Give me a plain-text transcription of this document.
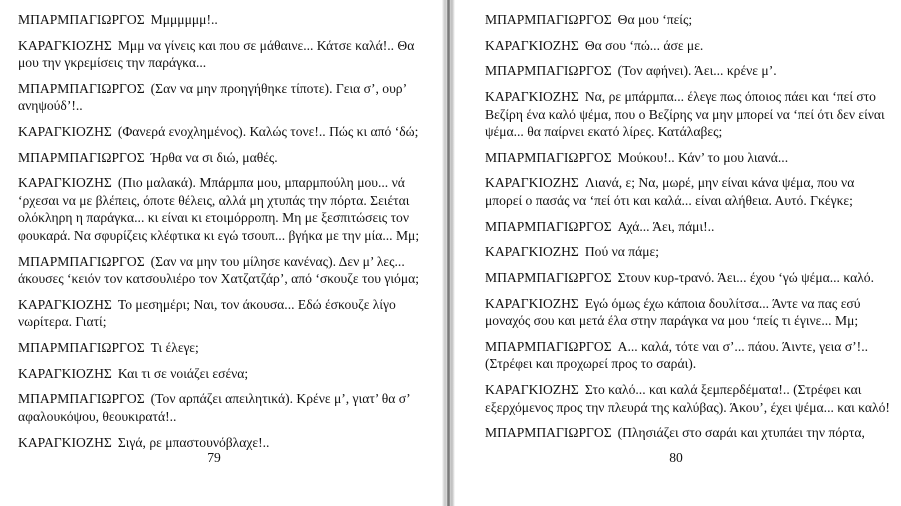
ΜΠΑΡΜΠΑΓΙΩΡΓΟΣ Μμμμμμμ!..

ΚΑΡΑΓΚΙΟΖΗΣ Μμμ να γίνεις και που σε μάθαινε... Κάτσε καλά!.. Θα μου την γκρεμίσεις την παράγκα...

ΜΠΑΡΜΠΑΓΙΩΡΓΟΣ (Σαν να μην προηγήθηκε τίποτε). Γεια σ’, ουρ’ ανηψούδ’!..

ΚΑΡΑΓΚΙΟΖΗΣ (Φανερά ενοχλημένος). Καλώς τονε!.. Πώς κι από ‘δώ;

ΜΠΑΡΜΠΑΓΙΩΡΓΟΣ Ήρθα να σι διώ, μαθές.

ΚΑΡΑΓΚΙΟΖΗΣ (Πιο μαλακά). Μπάρμπα μου, μπαρμπούλη μου... νά ‘ρχεσαι να με βλέπεις, όποτε θέλεις, αλλά μη χτυπάς την πόρτα. Σειέται ολόκληρη η παράγκα... κι είναι κι ετοιμόρροπη. Μη με ξεσπιτώσεις τον φουκαρά. Να σφυρίζεις κλέφτικα κι εγώ τσουπ... βγήκα με την μία... Μμ;

ΜΠΑΡΜΠΑΓΙΩΡΓΟΣ (Σαν να μην του μίλησε κανένας). Δεν μ’ λες... άκουσες ‘κειόν τον κατσουλιέρο τον Χατζατζάρ’, από ‘σκουζε του γιόμα;

ΚΑΡΑΓΚΙΟΖΗΣ Το μεσημέρι; Ναι, τον άκουσα... Εδώ έσκουζε λίγο νωρίτερα. Γιατί;

ΜΠΑΡΜΠΑΓΙΩΡΓΟΣ Τι έλεγε;

ΚΑΡΑΓΚΙΟΖΗΣ Και τι σε νοιάζει εσένα;

ΜΠΑΡΜΠΑΓΙΩΡΓΟΣ (Τον αρπάζει απειλητικά). Κρένε μ’, γιατ’ θα σ’ αφαλουκόψου, θεουκιρατά!..

ΚΑΡΑΓΚΙΟΖΗΣ Σιγά, ρε μπαστουνόβλαχε!..

79

ΜΠΑΡΜΠΑΓΙΩΡΓΟΣ Θα μου ‘πείς;

ΚΑΡΑΓΚΙΟΖΗΣ Θα σου ‘πώ... άσε με.

ΜΠΑΡΜΠΑΓΙΩΡΓΟΣ (Τον αφήνει). Άει... κρένε μ’.

ΚΑΡΑΓΚΙΟΖΗΣ Να, ρε μπάρμπα... έλεγε πως όποιος πάει και ‘πεί στο Βεζίρη ένα καλό ψέμα, που ο Βεζίρης να μην μπορεί να ‘πεί ότι δεν είναι ψέμα... θα παίρνει εκατό λίρες. Κατάλαβες;

ΜΠΑΡΜΠΑΓΙΩΡΓΟΣ Μούκου!.. Κάν’ το μου λιανά...

ΚΑΡΑΓΚΙΟΖΗΣ Λιανά, ε; Να, μωρέ, μην είναι κάνα ψέμα, που να μπορεί ο πασάς να ‘πεί ότι και καλά... είναι αλήθεια. Αυτό. Γκέγκε;

ΜΠΑΡΜΠΑΓΙΩΡΓΟΣ Αχά... Άει, πάμι!..

ΚΑΡΑΓΚΙΟΖΗΣ Πού να πάμε;

ΜΠΑΡΜΠΑΓΙΩΡΓΟΣ Στουν κυρ-τρανό. Άει... έχου ‘γώ ψέμα... καλό.

ΚΑΡΑΓΚΙΟΖΗΣ Εγώ όμως έχω κάποια δουλίτσα... Άντε να πας εσύ μοναχός σου και μετά έλα στην παράγκα να μου ‘πείς τι έγινε... Μμ;

ΜΠΑΡΜΠΑΓΙΩΡΓΟΣ Α... καλά, τότε ναι σ’... πάου. Άιντε, γεια σ’!.. (Στρέφει και προχωρεί προς το σαράι).

ΚΑΡΑΓΚΙΟΖΗΣ Στο καλό... και καλά ξεμπερδέματα!.. (Στρέφει και εξερχόμενος προς την πλευρά της καλύβας). Άκου’, έχει ψέμα... και καλό!

ΜΠΑΡΜΠΑΓΙΩΡΓΟΣ (Πλησιάζει στο σαράι και χτυπάει την πόρτα,

80
